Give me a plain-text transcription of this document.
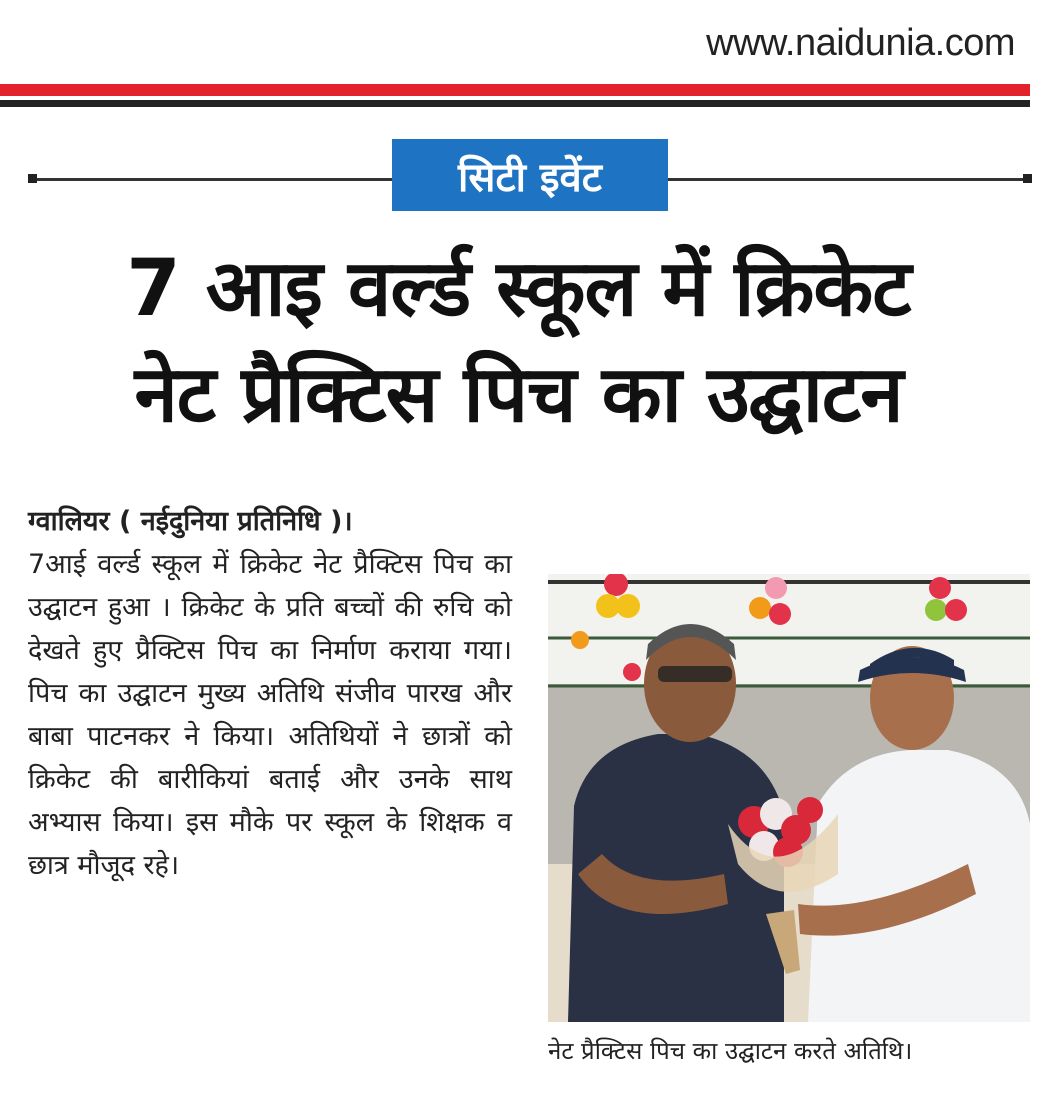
www.naidunia.com
सिटी इवेंट
7 आइ वर्ल्ड स्कूल में क्रिकेट
नेट प्रैक्टिस पिच का उद्घाटन
ग्वालियर ( नईदुनिया प्रतिनिधि )।
7आई वर्ल्ड स्कूल में क्रिकेट नेट प्रैक्टिस पिच का उद्घाटन हुआ । क्रिकेट के प्रति बच्चों की रुचि को देखते हुए प्रैक्टिस पिच का निर्माण कराया गया। पिच का उद्घाटन मुख्य अतिथि संजीव पारख और बाबा पाटनकर ने किया। अतिथियों ने छात्रों को क्रिकेट की बारीकियां बताई और उनके साथ अभ्यास किया। इस मौके पर स्कूल के शिक्षक व छात्र मौजूद रहे।
नेट प्रैक्टिस पिच का उद्घाटन करते अतिथि।
